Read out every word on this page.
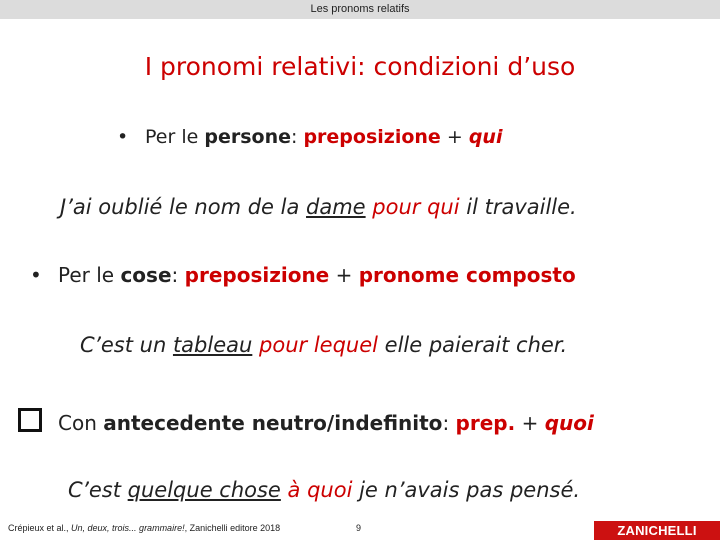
Les pronoms relatifs
I pronomi relativi: condizioni d’uso
• Per le persone: preposizione + qui
J’ai oublié le nom de la dame pour qui il travaille.
• Per le cose: preposizione + pronome composto
C’est un tableau pour lequel elle paierait cher.
Con antecedente neutro/indefinito: prep. + quoi
C’est quelque chose à quoi je n’avais pas pensé.
Crépieux et al., Un, deux, trois... grammaire!, Zanichelli editore 2018	9	ZANICHELLI
